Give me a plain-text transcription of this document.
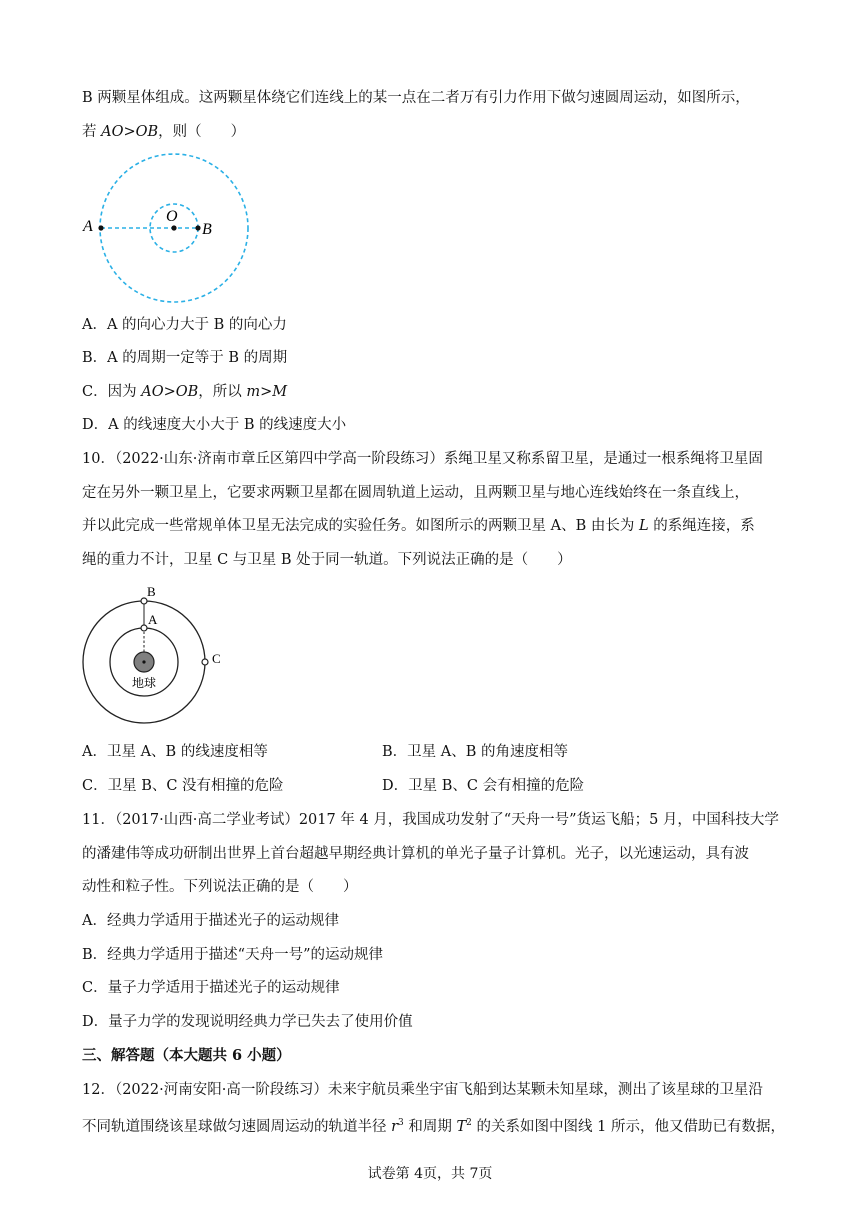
B 两颗星体组成。这两颗星体绕它们连线上的某一点在二者万有引力作用下做匀速圆周运动，如图所示，
若 AO>OB，则（　　）
A
O
B
A．A 的向心力大于 B 的向心力
B．A 的周期一定等于 B 的周期
C．因为 AO>OB，所以 m>M
D．A 的线速度大小大于 B 的线速度大小
10．（2022·山东·济南市章丘区第四中学高一阶段练习）系绳卫星又称系留卫星，是通过一根系绳将卫星固
定在另外一颗卫星上，它要求两颗卫星都在圆周轨道上运动，且两颗卫星与地心连线始终在一条直线上，
并以此完成一些常规单体卫星无法完成的实验任务。如图所示的两颗卫星 A、B 由长为 L 的系绳连接，系
绳的重力不计，卫星 C 与卫星 B 处于同一轨道。下列说法正确的是（　　）
B
A
C
地球
A．卫星 A、B 的线速度相等	B．卫星 A、B 的角速度相等
C．卫星 B、C 没有相撞的危险	D．卫星 B、C 会有相撞的危险
11．（2017·山西·高二学业考试）2017 年 4 月，我国成功发射了“天舟一号”货运飞船；5 月，中国科技大学
的潘建伟等成功研制出世界上首台超越早期经典计算机的单光子量子计算机。光子，以光速运动，具有波
动性和粒子性。下列说法正确的是（　　）
A．经典力学适用于描述光子的运动规律
B．经典力学适用于描述“天舟一号”的运动规律
C．量子力学适用于描述光子的运动规律
D．量子力学的发现说明经典力学已失去了使用价值
三、解答题（本大题共 6 小题）
12．（2022·河南安阳·高一阶段练习）未来宇航员乘坐宇宙飞船到达某颗未知星球，测出了该星球的卫星沿
不同轨道围绕该星球做匀速圆周运动的轨道半径 $r^3$ 和周期 $T^2$ 的关系如图中图线 1 所示，他又借助已有数据，
试卷第 4页，共 7页
